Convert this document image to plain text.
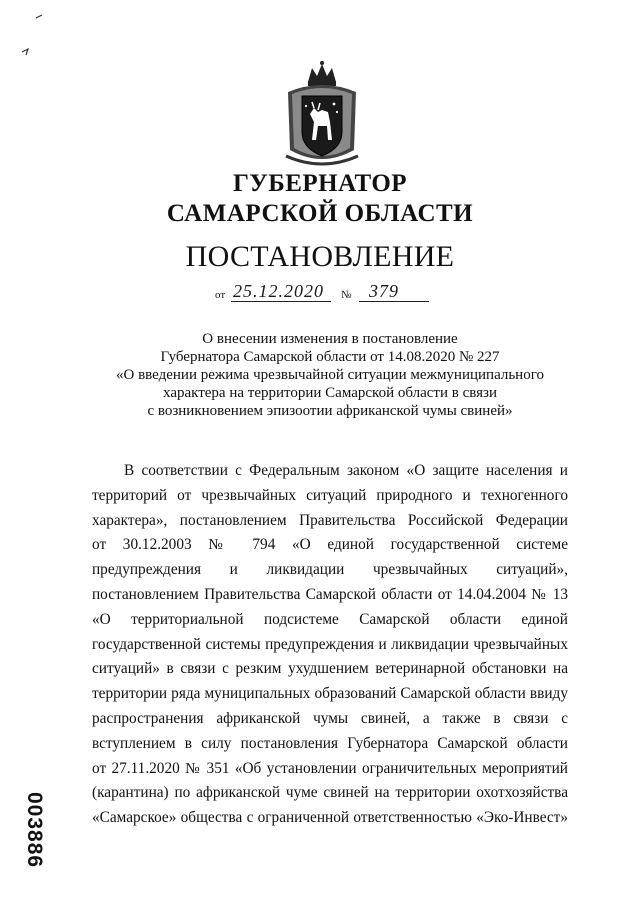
ГУБЕРНАТОР
САМАРСКОЙ ОБЛАСТИ
ПОСТАНОВЛЕНИЕ
от 25.12.2020 № 379
О внесении изменения в постановление
Губернатора Самарской области от 14.08.2020 № 227
«О введении режима чрезвычайной ситуации межмуниципального
характера на территории Самарской области в связи
с возникновением эпизоотии африканской чумы свиней»
В соответствии с Федеральным законом «О защите населения и
территорий от чрезвычайных ситуаций природного и техногенного
характера», постановлением Правительства Российской Федерации
от 30.12.2003 № 794 «О единой государственной системе
предупреждения и ликвидации чрезвычайных ситуаций»,
постановлением Правительства Самарской области от 14.04.2004 № 13
«О территориальной подсистеме Самарской области единой
государственной системы предупреждения и ликвидации чрезвычайных
ситуаций» в связи с резким ухудшением ветеринарной обстановки на
территории ряда муниципальных образований Самарской области ввиду
распространения африканской чумы свиней, а также в связи с
вступлением в силу постановления Губернатора Самарской области
от 27.11.2020 № 351 «Об установлении ограничительных мероприятий
(карантина) по африканской чуме свиней на территории охотхозяйства
«Самарское» общества с ограниченной ответственностью «Эко-Инвест»
003886
